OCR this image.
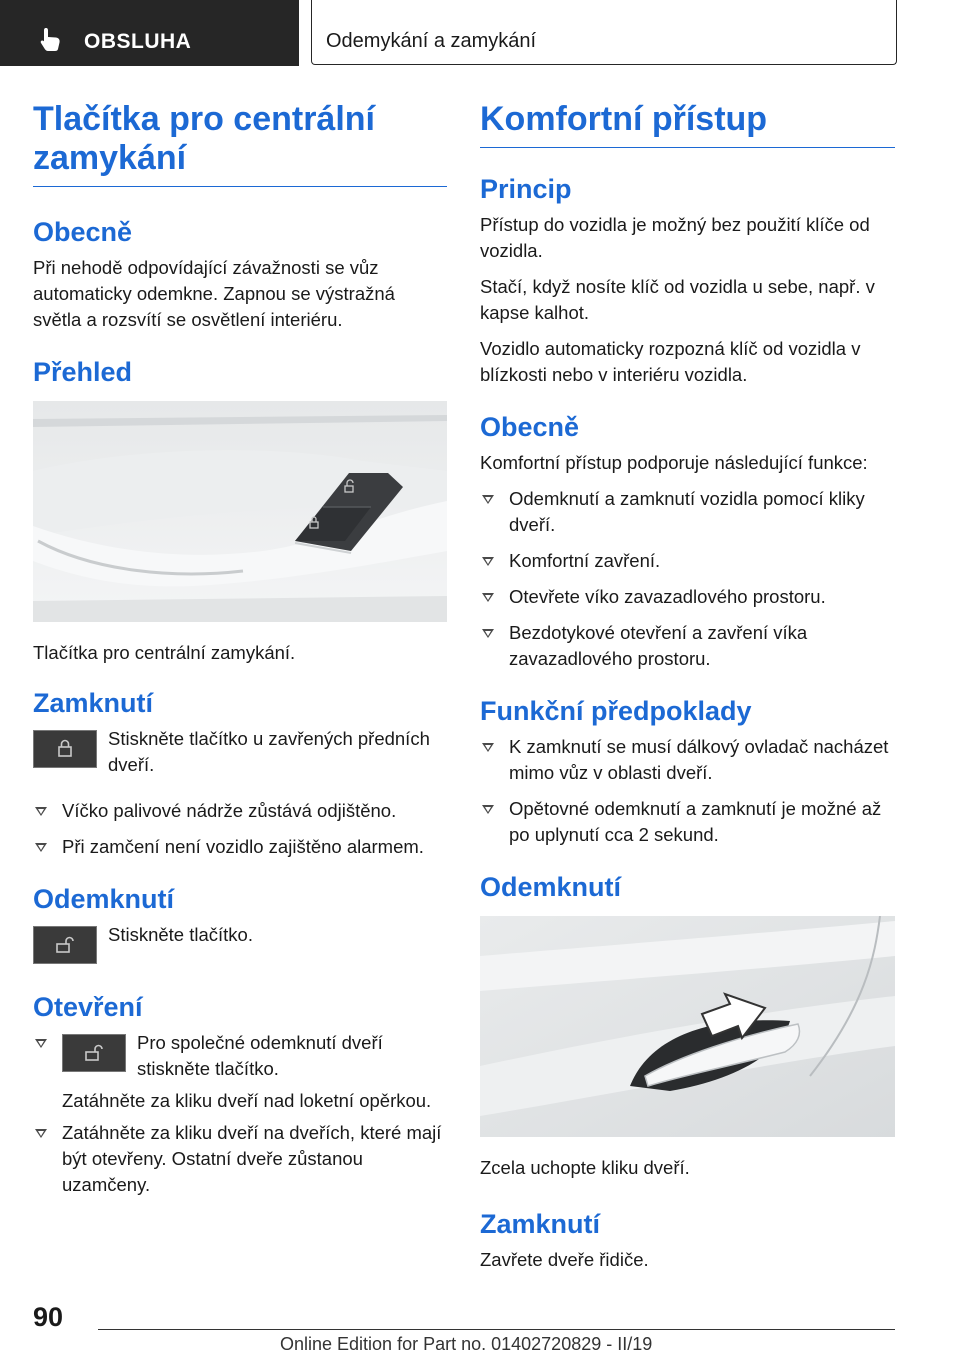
OBSLUHA	Odemykání a zamykání
Tlačítka pro centrální zamykání
Obecně

Při nehodě odpovídající závažnosti se vůz automaticky odemkne. Zapnou se výstražná světla a rozsvítí se osvětlení interiéru.

Přehled

Tlačítka pro centrální zamykání.

Zamknutí

Stiskněte tlačítko u zavřených předních dveří.

Víčko palivové nádrže zůstává odjištěno.
Při zamčení není vozidlo zajištěno alarmem.
Odemknutí

Stiskněte tlačítko.

Otevření

Pro společné odemknutí dveří stiskněte tlačítko.

Zatáhněte za kliku dveří nad loketní opěrkou.

Zatáhněte za kliku dveří na dveřích, které mají být otevřeny. Ostatní dveře zůstanou uzamčeny.
Komfortní přístup
Princip

Přístup do vozidla je možný bez použití klíče od vozidla.

Stačí, když nosíte klíč od vozidla u sebe, např. v kapse kalhot.

Vozidlo automaticky rozpozná klíč od vozidla v blízkosti nebo v interiéru vozidla.

Obecně

Komfortní přístup podporuje následující funkce:

Odemknutí a zamknutí vozidla pomocí kliky dveří.
Komfortní zavření.
Otevřete víko zavazadlového prostoru.
Bezdotykové otevření a zavření víka zavazadlového prostoru.
Funkční předpoklady
K zamknutí se musí dálkový ovladač nacházet mimo vůz v oblasti dveří.
Opětovné odemknutí a zamknutí je možné až po uplynutí cca 2 sekund.
Odemknutí

Zcela uchopte kliku dveří.

Zamknutí

Zavřete dveře řidiče.

90
Online Edition for Part no. 01402720829 - II/19
